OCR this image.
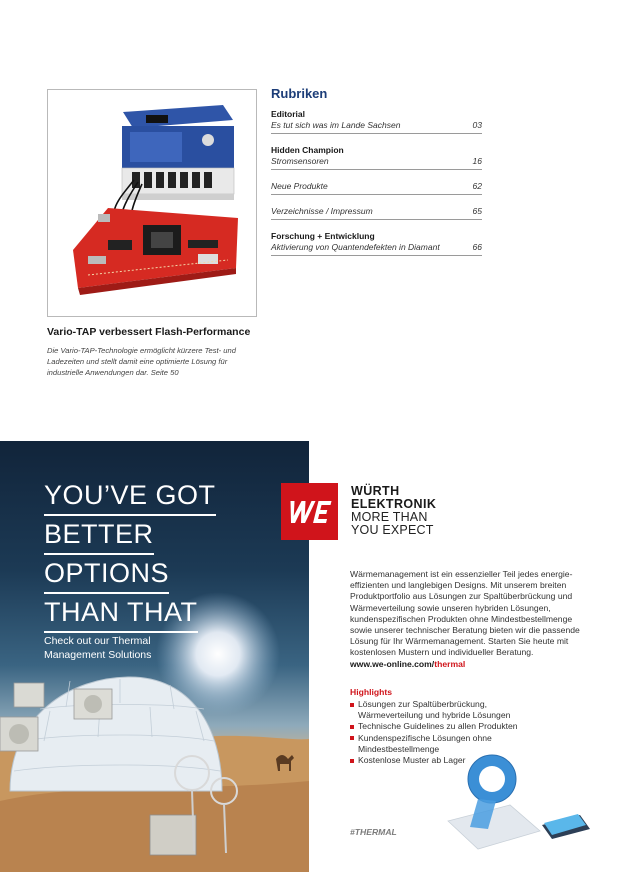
Vario-TAP verbessert Flash-Performance
Die Vario-TAP-Technologie ermöglicht kürzere Test- und Ladezeiten und stellt damit eine optimierte Lösung für industrielle Anwendungen dar. Seite 50
Rubriken
Editorial
Es tut sich was im Lande Sachsen	03
Hidden Champion
Stromsensoren	16
Neue Produkte	62
Verzeichnisse / Impressum	65
Forschung + Entwicklung
Aktivierung von Quantendefekten in Diamant	66
YOU’VE GOT
BETTER
OPTIONS
THAN THAT
Check out our Thermal
Management Solutions
WÜRTH
ELEKTRONIK
MORE THAN
YOU EXPECT

Wärmemanagement ist ein essenzieller Teil jedes energie-effizienten und langlebigen Designs. Mit unserem breiten Produktportfolio aus Lösungen zur Spaltüberbrückung und Wärmeverteilung sowie unseren hybriden Lösungen, kundenspezifischen Produkten ohne Mindestbestellmenge sowie unserer technischer Beratung bieten wir die passende Lösung für Ihr Wärmemanagement. Starten Sie heute mit kostenlosen Mustern und individueller Beratung.

www.we-online.com/thermal

Highlights
Lösungen zur Spaltüberbrückung, Wärmeverteilung und hybride Lösungen
Technische Guidelines zu allen Produkten
Kundenspezifische Lösungen ohne Mindestbestellmenge
Kostenlose Muster ab Lager
#THERMAL
